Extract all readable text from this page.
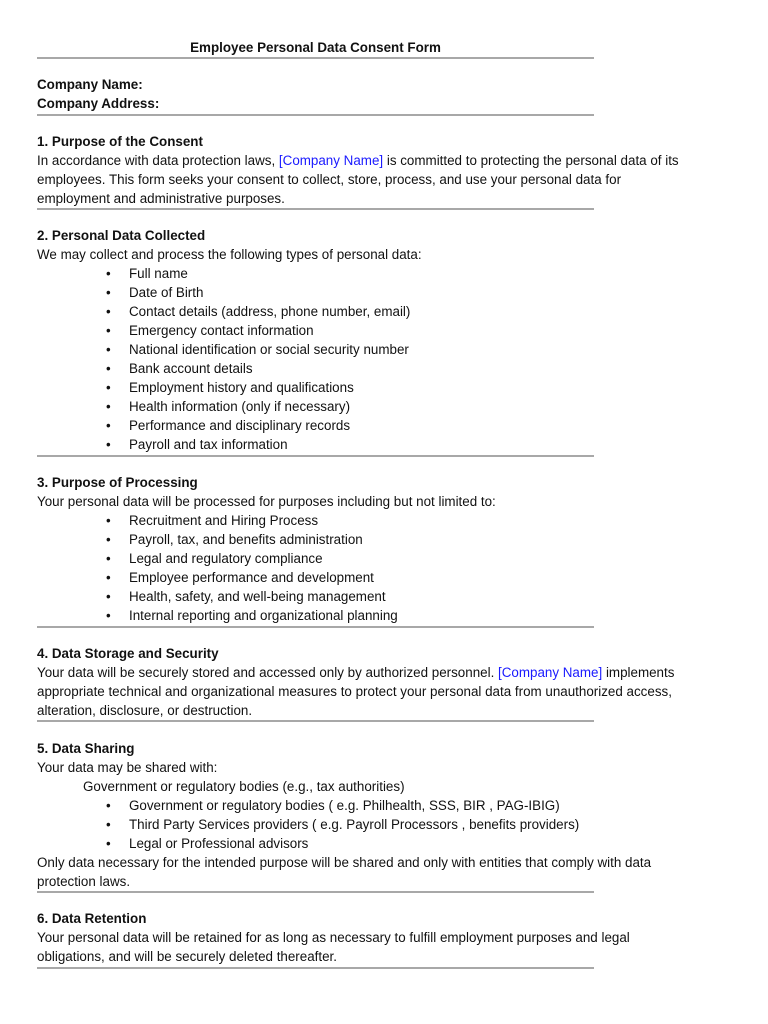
Employee Personal Data Consent Form
Company Name:
Company Address:
1. Purpose of the Consent
In accordance with data protection laws, [Company Name] is committed to protecting the personal data of its
employees. This form seeks your consent to collect, store, process, and use your personal data for
employment and administrative purposes.
2. Personal Data Collected
We may collect and process the following types of personal data:
• Full name
• Date of Birth
• Contact details (address, phone number, email)
• Emergency contact information
• National identification or social security number
• Bank account details
• Employment history and qualifications
• Health information (only if necessary)
• Performance and disciplinary records
• Payroll and tax information
3. Purpose of Processing
Your personal data will be processed for purposes including but not limited to:
• Recruitment and Hiring Process
• Payroll, tax, and benefits administration
• Legal and regulatory compliance
• Employee performance and development
• Health, safety, and well-being management
• Internal reporting and organizational planning
4. Data Storage and Security
Your data will be securely stored and accessed only by authorized personnel. [Company Name] implements
appropriate technical and organizational measures to protect your personal data from unauthorized access,
alteration, disclosure, or destruction.
5. Data Sharing
Your data may be shared with:
Government or regulatory bodies (e.g., tax authorities)
• Government or regulatory bodies ( e.g. Philhealth, SSS, BIR , PAG-IBIG)
• Third Party Services providers ( e.g. Payroll Processors , benefits providers)
• Legal or Professional advisors
Only data necessary for the intended purpose will be shared and only with entities that comply with data
protection laws.
6. Data Retention
Your personal data will be retained for as long as necessary to fulfill employment purposes and legal
obligations, and will be securely deleted thereafter.
